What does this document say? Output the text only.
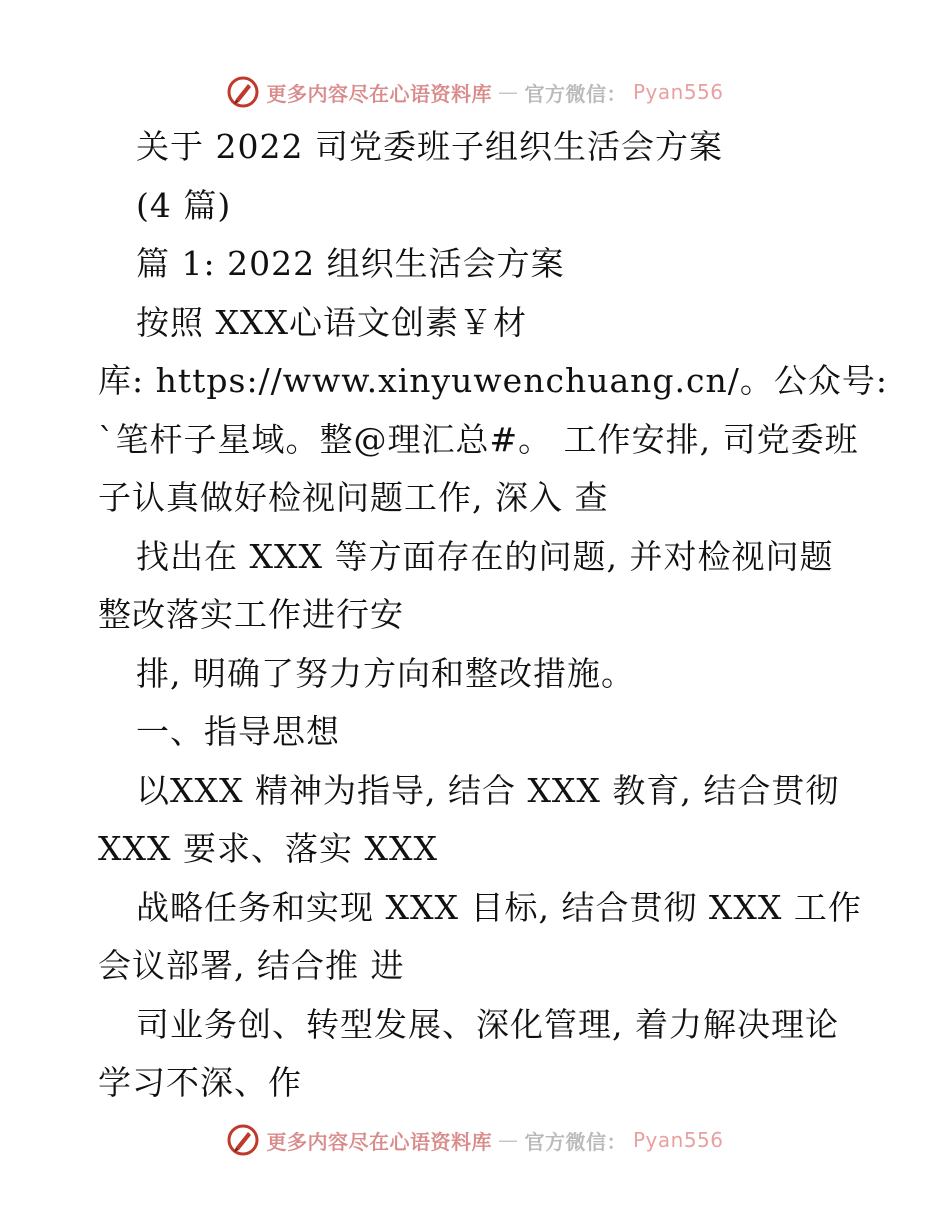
更多内容尽在心语资料库 — 官方微信： Pyan556
关于 2022 司党委班子组织生活会方案
(4 篇)
篇 1: 2022 组织生活会方案
按照 XXX心语文创素￥材
库: https://www.xinyuwenchuang.cn/。公众号:
`笔杆子星域。整@理汇总#。 工作安排, 司党委班
子认真做好检视问题工作, 深入 查
找出在 XXX 等方面存在的问题, 并对检视问题
整改落实工作进行安
排, 明确了努力方向和整改措施。
一、指导思想
以XXX 精神为指导, 结合 XXX 教育, 结合贯彻
XXX 要求、落实 XXX
战略任务和实现 XXX 目标, 结合贯彻 XXX 工作
会议部署, 结合推 进
司业务创、转型发展、深化管理, 着力解决理论
学习不深、作
更多内容尽在心语资料库 — 官方微信： Pyan556
